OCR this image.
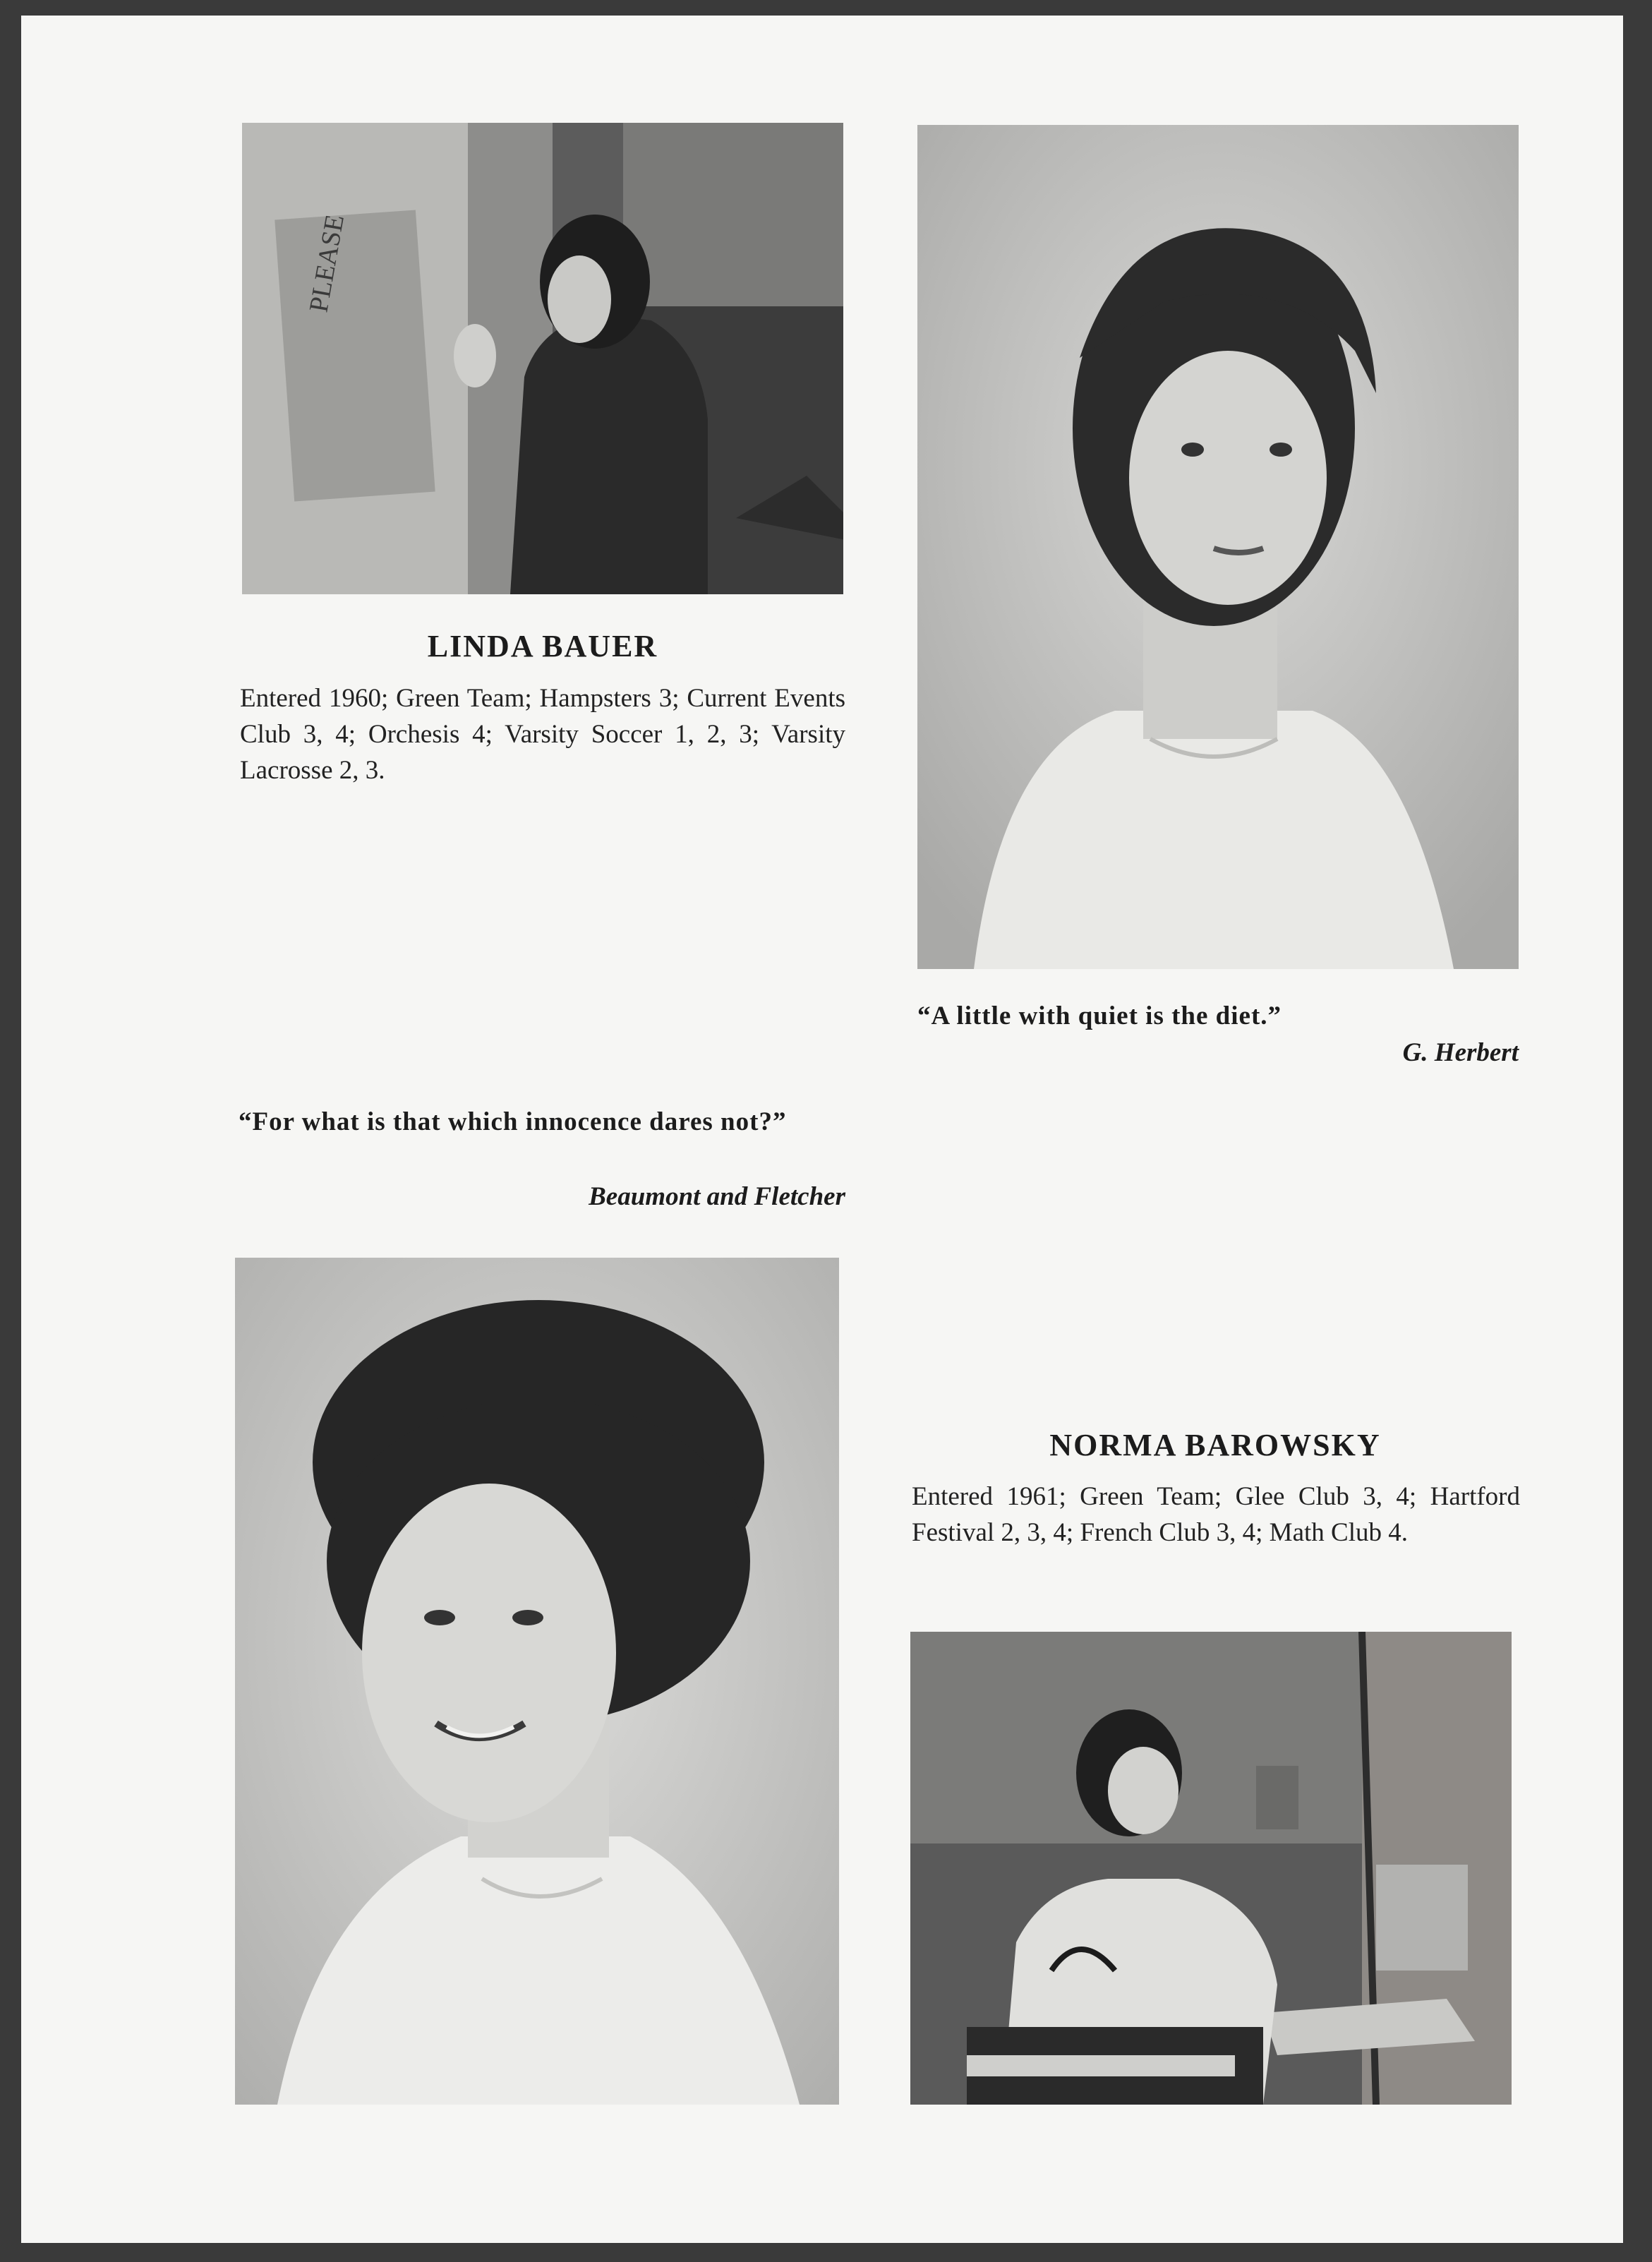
PLEASE
LINDA BAUER

Entered 1960; Green Team; Hampsters 3; Current Events Club 3, 4; Orchesis 4; Varsity Soccer 1, 2, 3; Varsity Lacrosse 2, 3.

“A little with quiet is the diet.”

G. Herbert

“For what is that which innocence dares not?”

Beaumont and Fletcher

NORMA BAROWSKY

Entered 1961; Green Team; Glee Club 3, 4; Hartford Festival 2, 3, 4; French Club 3, 4; Math Club 4.
